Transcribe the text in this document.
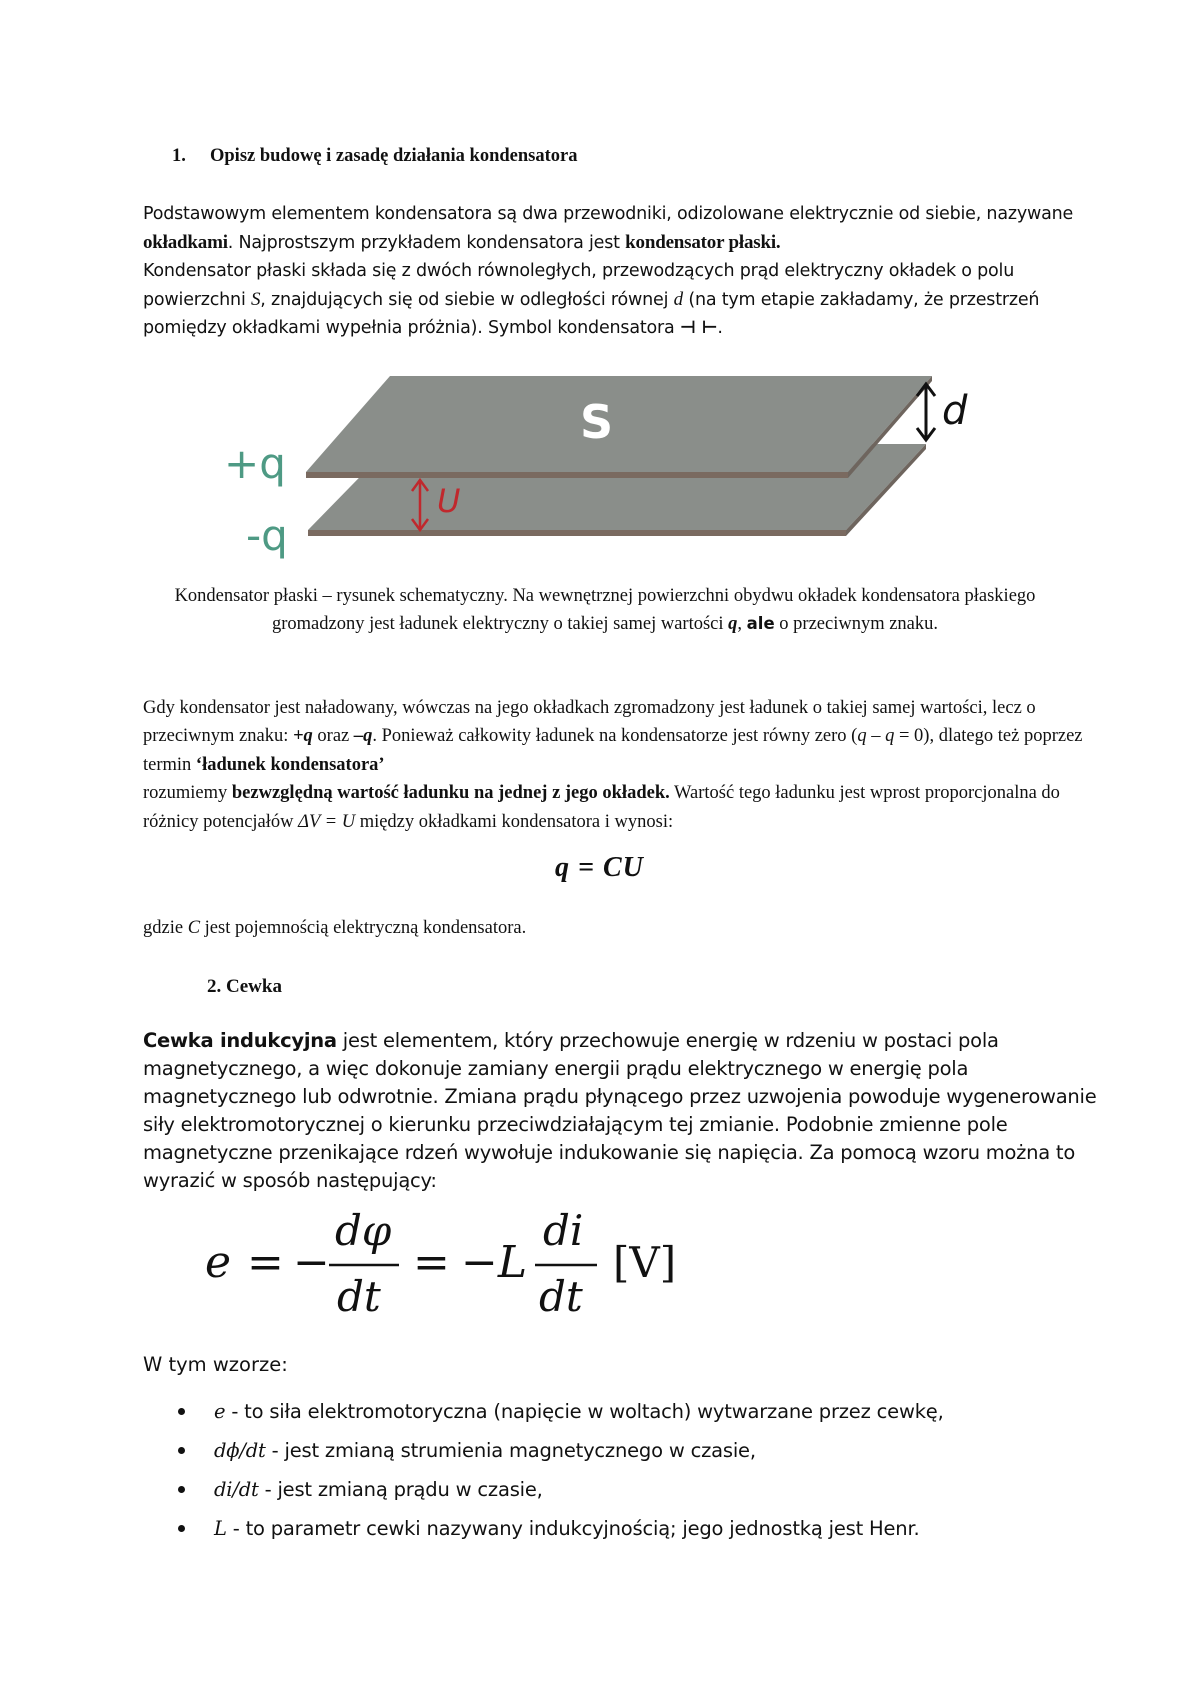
1. Opisz budowę i zasadę działania kondensatora
Podstawowym elementem kondensatora są dwa przewodniki, odizolowane elektrycznie od siebie, nazywane okładkami. Najprostszym przykładem kondensatora jest kondensator płaski.
Kondensator płaski składa się z dwóch równoległych, przewodzących prąd elektryczny okładek o polu powierzchni S, znajdujących się od siebie w odległości równej d (na tym etapie zakładamy, że przestrzeń pomiędzy okładkami wypełnia próżnia). Symbol kondensatora ⊣ ⊢.
S	d
U
+q
-q
Kondensator płaski – rysunek schematyczny. Na wewnętrznej powierzchni obydwu okładek kondensatora płaskiego gromadzony jest ładunek elektryczny o takiej samej wartości q, ale o przeciwnym znaku.
Gdy kondensator jest naładowany, wówczas na jego okładkach zgromadzony jest ładunek o takiej samej wartości, lecz o przeciwnym znaku: +q oraz –q. Ponieważ całkowity ładunek na kondensatorze jest równy zero (q – q = 0), dlatego też poprzez termin ‘ładunek kondensatora’
rozumiemy bezwzględną wartość ładunku na jednej z jego okładek. Wartość tego ładunku jest wprost proporcjonalna do różnicy potencjałów ΔV = U między okładkami kondensatora i wynosi:
q = CU
gdzie C jest pojemnością elektryczną kondensatora.
2. Cewka
Cewka indukcyjna jest elementem, który przechowuje energię w rdzeniu w postaci pola magnetycznego, a więc dokonuje zamiany energii prądu elektrycznego w energię pola magnetycznego lub odwrotnie. Zmiana prądu płynącego przez uzwojenia powoduje wygenerowanie siły elektromotorycznej o kierunku przeciwdziałającym tej zmianie. Podobnie zmienne pole magnetyczne przenikające rdzeń wywołuje indukowanie się napięcia. Za pomocą wzoru można to wyrazić w sposób następujący:
e = −
dφ
dt
= −L
di
dt
[V]
W tym wzorze:
e - to siła elektromotoryczna (napięcie w woltach) wytwarzane przez cewkę,
dϕ/dt - jest zmianą strumienia magnetycznego w czasie,
di/dt - jest zmianą prądu w czasie,
L - to parametr cewki nazywany indukcyjnością; jego jednostką jest Henr.
